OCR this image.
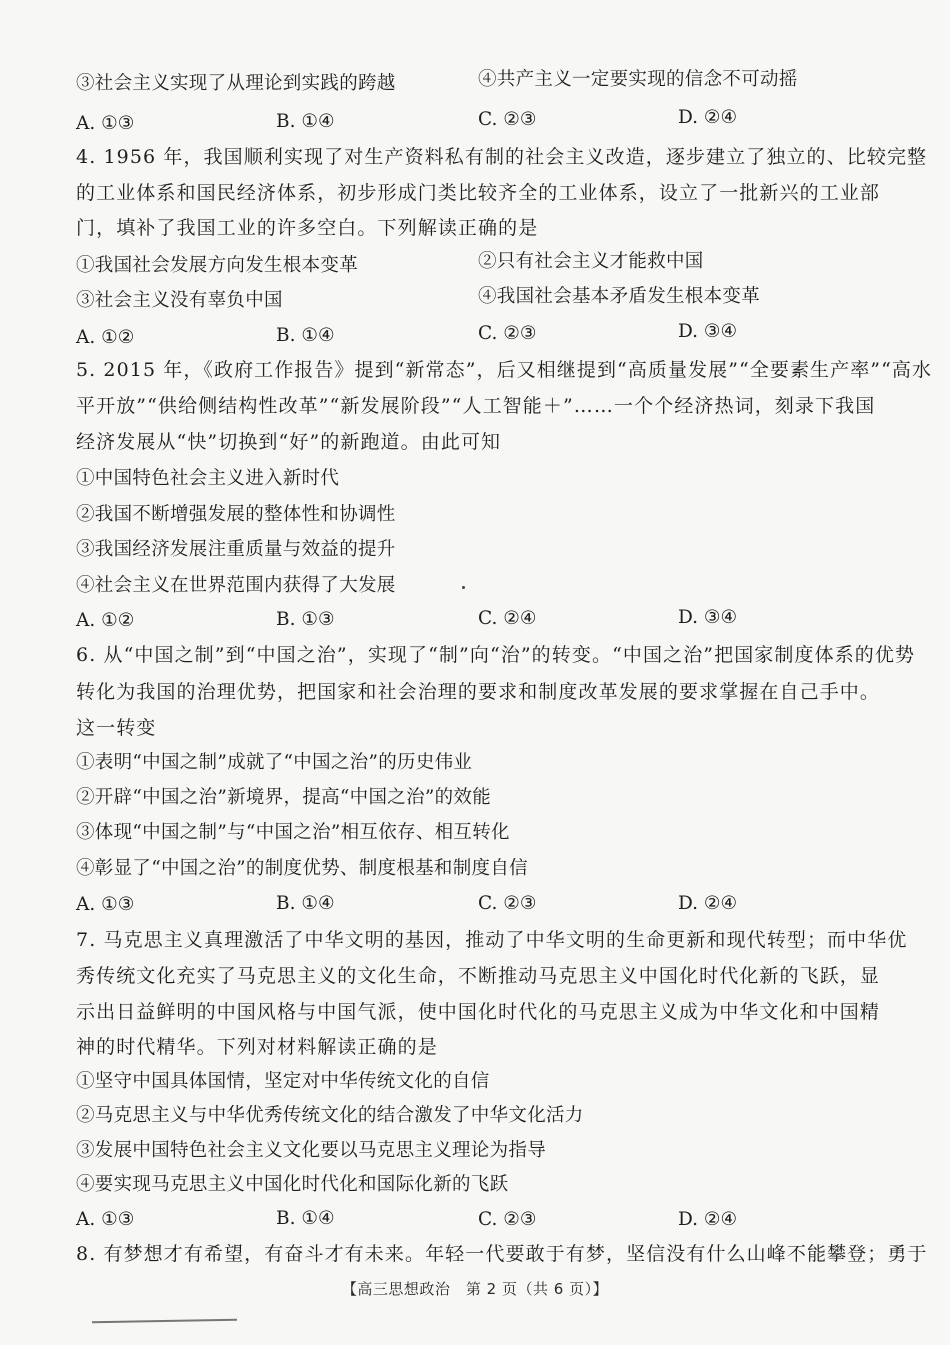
③社会主义实现了从理论到实践的跨越	④共产主义一定要实现的信念不可动摇
A. ①③	B. ①④	C. ②③	D. ②④
4. 1956 年，我国顺利实现了对生产资料私有制的社会主义改造，逐步建立了独立的、比较完整
的工业体系和国民经济体系，初步形成门类比较齐全的工业体系，设立了一批新兴的工业部
门，填补了我国工业的许多空白。下列解读正确的是
①我国社会发展方向发生根本变革	②只有社会主义才能救中国
③社会主义没有辜负中国	④我国社会基本矛盾发生根本变革
A. ①②	B. ①④	C. ②③	D. ③④
5. 2015 年，《政府工作报告》提到“新常态”，后又相继提到“高质量发展”“全要素生产率”“高水
平开放”“供给侧结构性改革”“新发展阶段”“人工智能＋”……一个个经济热词，刻录下我国
经济发展从“快”切换到“好”的新跑道。由此可知
①中国特色社会主义进入新时代
②我国不断增强发展的整体性和协调性
③我国经济发展注重质量与效益的提升
④社会主义在世界范围内获得了大发展
A. ①②	B. ①③	C. ②④	D. ③④
6. 从“中国之制”到“中国之治”，实现了“制”向“治”的转变。“中国之治”把国家制度体系的优势
转化为我国的治理优势，把国家和社会治理的要求和制度改革发展的要求掌握在自己手中。
这一转变
①表明“中国之制”成就了“中国之治”的历史伟业
②开辟“中国之治”新境界，提高“中国之治”的效能
③体现“中国之制”与“中国之治”相互依存、相互转化
④彰显了“中国之治”的制度优势、制度根基和制度自信
A. ①③	B. ①④	C. ②③	D. ②④
7. 马克思主义真理激活了中华文明的基因，推动了中华文明的生命更新和现代转型；而中华优
秀传统文化充实了马克思主义的文化生命，不断推动马克思主义中国化时代化新的飞跃，显
示出日益鲜明的中国风格与中国气派，使中国化时代化的马克思主义成为中华文化和中国精
神的时代精华。下列对材料解读正确的是
①坚守中国具体国情，坚定对中华传统文化的自信
②马克思主义与中华优秀传统文化的结合激发了中华文化活力
③发展中国特色社会主义文化要以马克思主义理论为指导
④要实现马克思主义中国化时代化和国际化新的飞跃
A. ①③	B. ①④	C. ②③	D. ②④
8. 有梦想才有希望，有奋斗才有未来。年轻一代要敢于有梦，坚信没有什么山峰不能攀登；勇于
【高三思想政治　第 2 页（共 6 页）】
